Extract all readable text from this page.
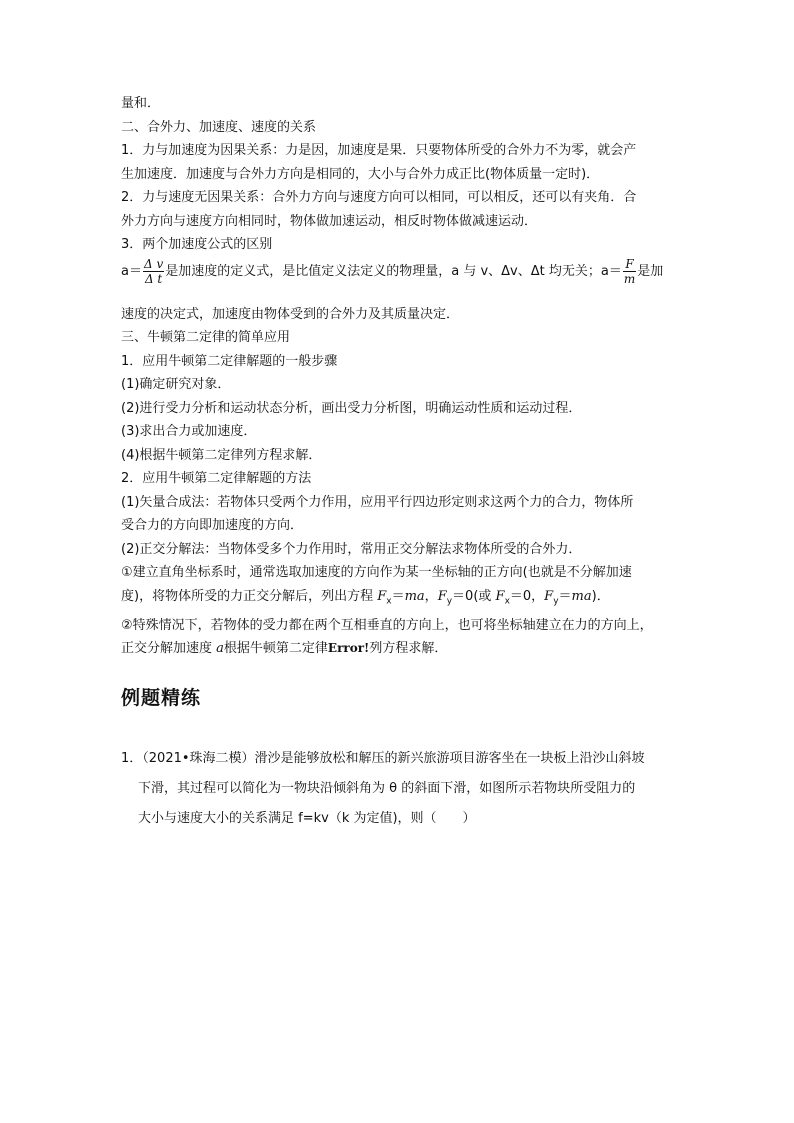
量和．
二、合外力、加速度、速度的关系
1．力与加速度为因果关系：力是因，加速度是果．只要物体所受的合外力不为零，就会产
生加速度．加速度与合外力方向是相同的，大小与合外力成正比(物体质量一定时)．
2．力与速度无因果关系：合外力方向与速度方向可以相同，可以相反，还可以有夹角．合
外力方向与速度方向相同时，物体做加速运动，相反时物体做减速运动．
3．两个加速度公式的区别
$a= \frac{\text{Δ v}}{\text{Δ t}}$ 是加速度的定义式，是比值定义法定义的物理量，a 与 v、Δv、Δt 均无关；$a= \frac{F}{m}$ 是加
速度的决定式，加速度由物体受到的合外力及其质量决定．
三、牛顿第二定律的简单应用
1．应用牛顿第二定律解题的一般步骤
(1)确定研究对象．
(2)进行受力分析和运动状态分析，画出受力分析图，明确运动性质和运动过程．
(3)求出合力或加速度．
(4)根据牛顿第二定律列方程求解．
2．应用牛顿第二定律解题的方法
(1)矢量合成法：若物体只受两个力作用，应用平行四边形定则求这两个力的合力，物体所
受合力的方向即加速度的方向．
(2)正交分解法：当物体受多个力作用时，常用正交分解法求物体所受的合外力．
①建立直角坐标系时，通常选取加速度的方向作为某一坐标轴的正方向(也就是不分解加速
度)，将物体所受的力正交分解后，列出方程 $F_x=ma$，$F_y=0$(或 $F_x=0$，$F_y=ma$)．
②特殊情况下，若物体的受力都在两个互相垂直的方向上，也可将坐标轴建立在力的方向上，
正交分解加速度 a根据牛顿第二定律Error!列方程求解．
例题精练
1．（2021•珠海二模）滑沙是能够放松和解压的新兴旅游项目游客坐在一块板上沿沙山斜坡
下滑，其过程可以简化为一物块沿倾斜角为 θ 的斜面下滑，如图所示若物块所受阻力的
大小与速度大小的关系满足 f=kv（k 为定值)，则（　　）
